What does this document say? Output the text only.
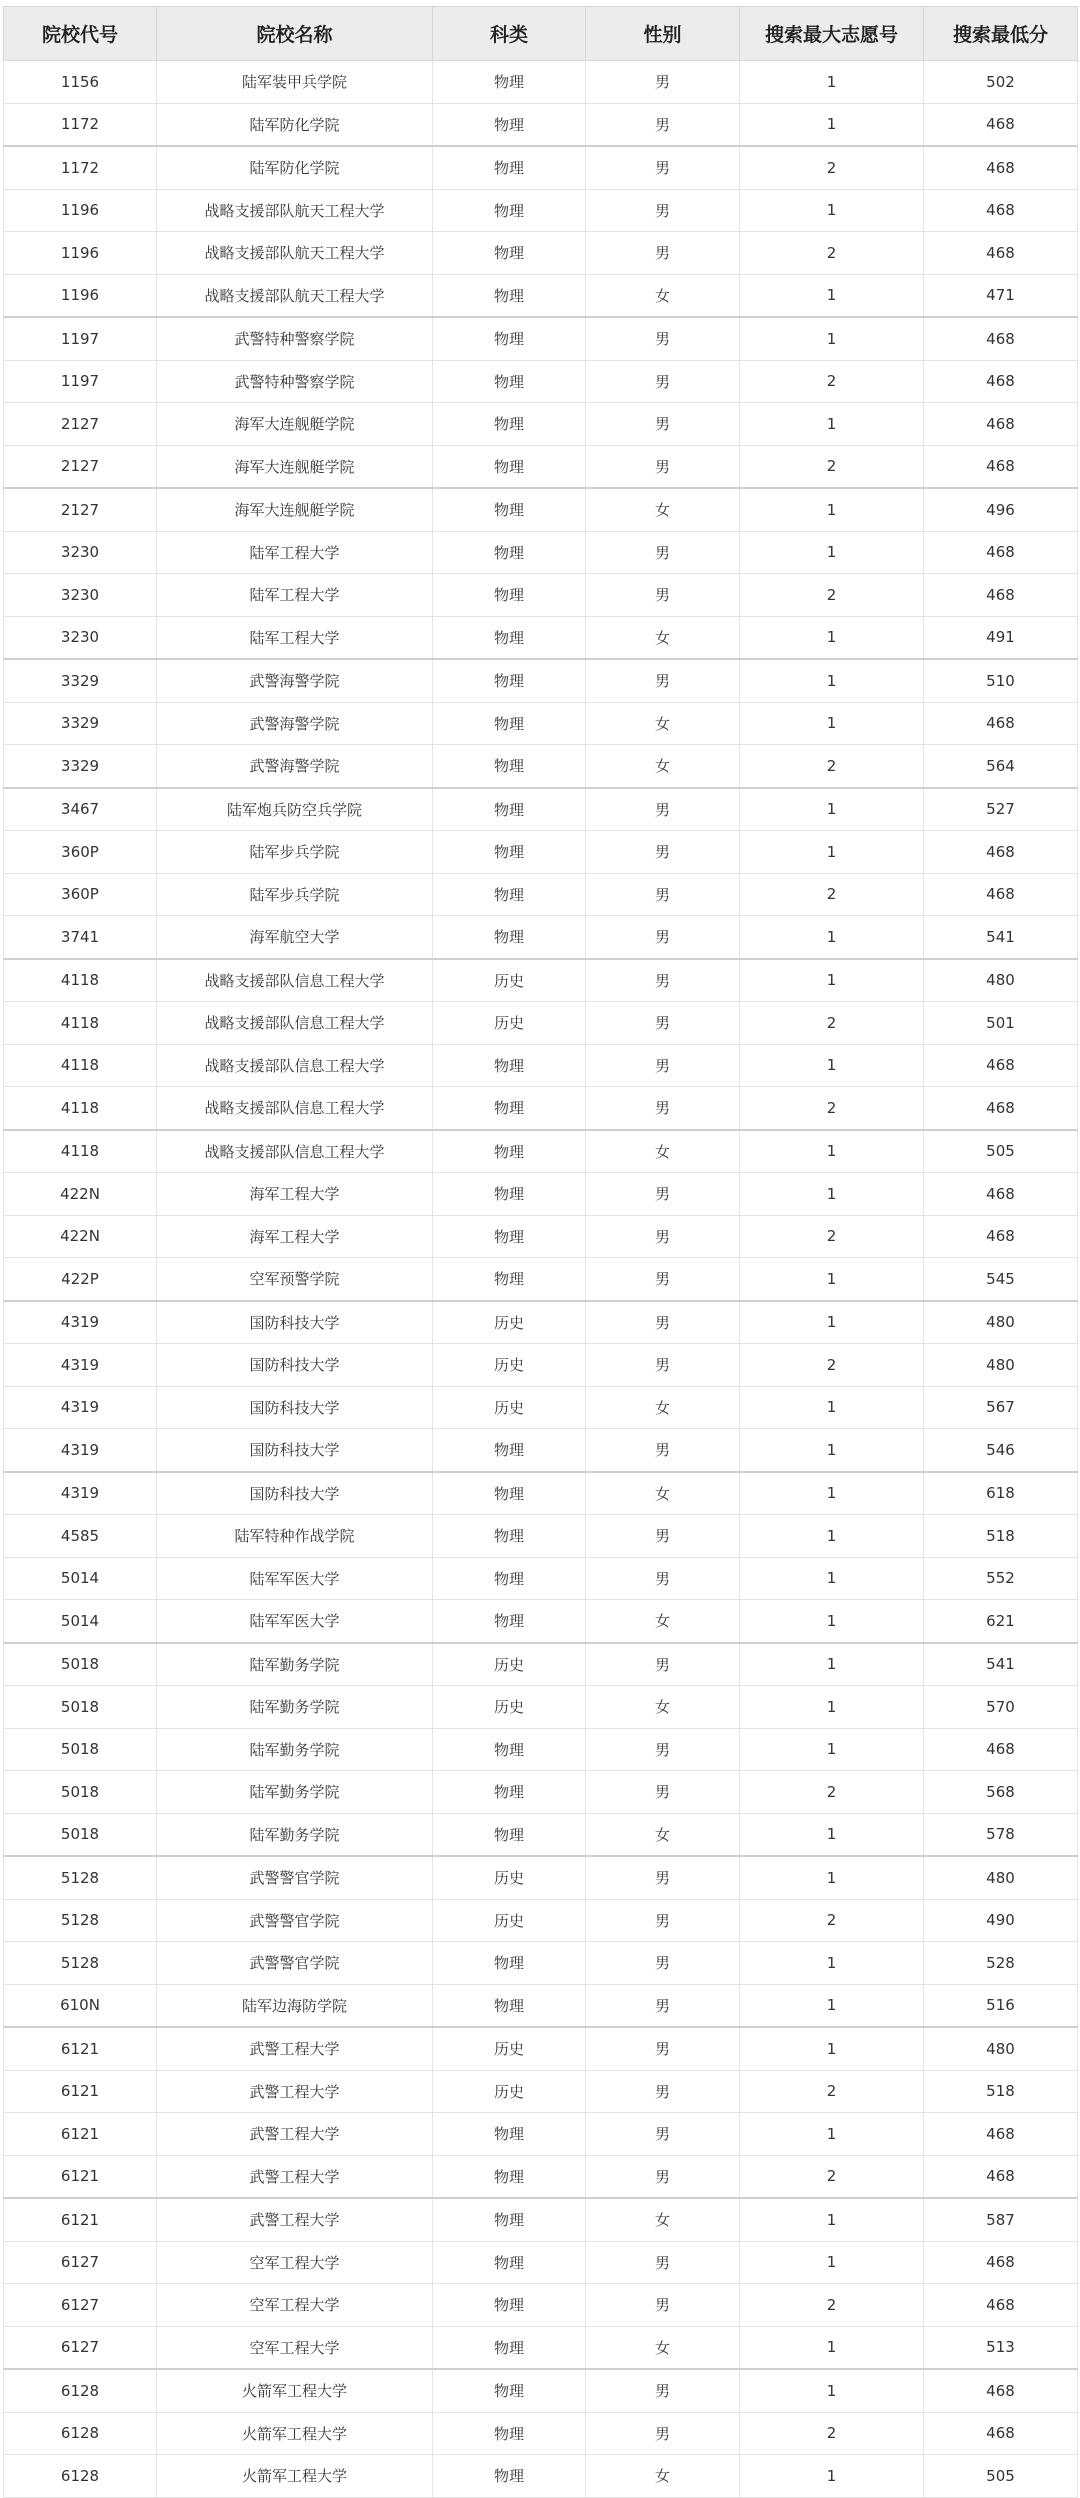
院校代号	院校名称	科类	性别	搜索最大志愿号	搜索最低分
1156	陆军装甲兵学院	物理	男	1	502
1172	陆军防化学院	物理	男	1	468
1172	陆军防化学院	物理	男	2	468
1196	战略支援部队航天工程大学	物理	男	1	468
1196	战略支援部队航天工程大学	物理	男	2	468
1196	战略支援部队航天工程大学	物理	女	1	471
1197	武警特种警察学院	物理	男	1	468
1197	武警特种警察学院	物理	男	2	468
2127	海军大连舰艇学院	物理	男	1	468
2127	海军大连舰艇学院	物理	男	2	468
2127	海军大连舰艇学院	物理	女	1	496
3230	陆军工程大学	物理	男	1	468
3230	陆军工程大学	物理	男	2	468
3230	陆军工程大学	物理	女	1	491
3329	武警海警学院	物理	男	1	510
3329	武警海警学院	物理	女	1	468
3329	武警海警学院	物理	女	2	564
3467	陆军炮兵防空兵学院	物理	男	1	527
360P	陆军步兵学院	物理	男	1	468
360P	陆军步兵学院	物理	男	2	468
3741	海军航空大学	物理	男	1	541
4118	战略支援部队信息工程大学	历史	男	1	480
4118	战略支援部队信息工程大学	历史	男	2	501
4118	战略支援部队信息工程大学	物理	男	1	468
4118	战略支援部队信息工程大学	物理	男	2	468
4118	战略支援部队信息工程大学	物理	女	1	505
422N	海军工程大学	物理	男	1	468
422N	海军工程大学	物理	男	2	468
422P	空军预警学院	物理	男	1	545
4319	国防科技大学	历史	男	1	480
4319	国防科技大学	历史	男	2	480
4319	国防科技大学	历史	女	1	567
4319	国防科技大学	物理	男	1	546
4319	国防科技大学	物理	女	1	618
4585	陆军特种作战学院	物理	男	1	518
5014	陆军军医大学	物理	男	1	552
5014	陆军军医大学	物理	女	1	621
5018	陆军勤务学院	历史	男	1	541
5018	陆军勤务学院	历史	女	1	570
5018	陆军勤务学院	物理	男	1	468
5018	陆军勤务学院	物理	男	2	568
5018	陆军勤务学院	物理	女	1	578
5128	武警警官学院	历史	男	1	480
5128	武警警官学院	历史	男	2	490
5128	武警警官学院	物理	男	1	528
610N	陆军边海防学院	物理	男	1	516
6121	武警工程大学	历史	男	1	480
6121	武警工程大学	历史	男	2	518
6121	武警工程大学	物理	男	1	468
6121	武警工程大学	物理	男	2	468
6121	武警工程大学	物理	女	1	587
6127	空军工程大学	物理	男	1	468
6127	空军工程大学	物理	男	2	468
6127	空军工程大学	物理	女	1	513
6128	火箭军工程大学	物理	男	1	468
6128	火箭军工程大学	物理	男	2	468
6128	火箭军工程大学	物理	女	1	505
